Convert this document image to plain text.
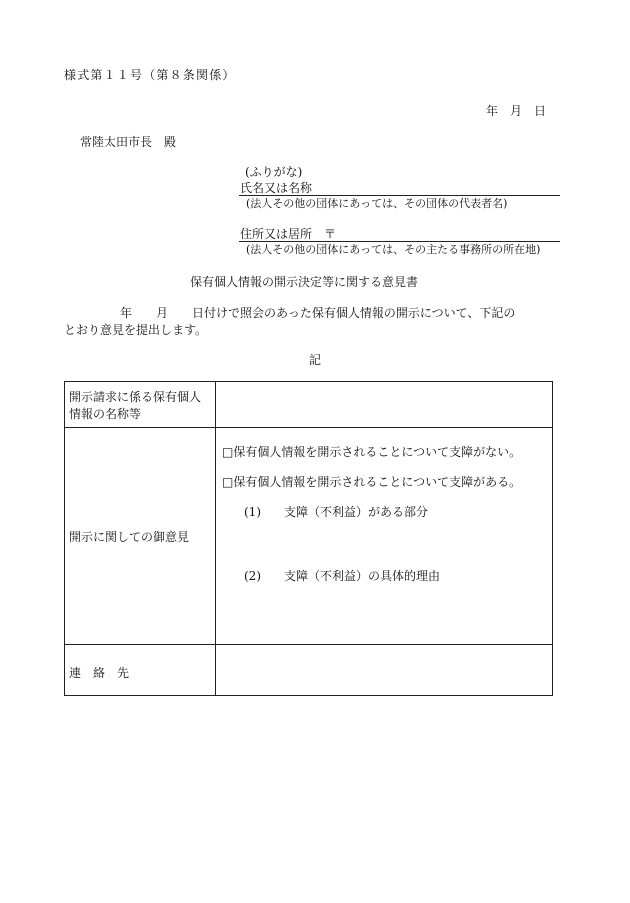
様式第１１号（第８条関係）
年　月　日
常陸太田市長　殿
(ふりがな)
氏名又は名称
(法人その他の団体にあっては、その団体の代表者名)
住所又は居所　〒
(法人その他の団体にあっては、その主たる事務所の所在地)
保有個人情報の開示決定等に関する意見書
年　　月　　日付けで照会のあった保有個人情報の開示について、下記の
とおり意見を提出します。
記
開示請求に係る保有個人情報の名称等
開示に関しての御意見
連　絡　先
□保有個人情報を開示されることについて支障がない。
□保有個人情報を開示されることについて支障がある。
(1) 支障（不利益）がある部分
(2) 支障（不利益）の具体的理由
